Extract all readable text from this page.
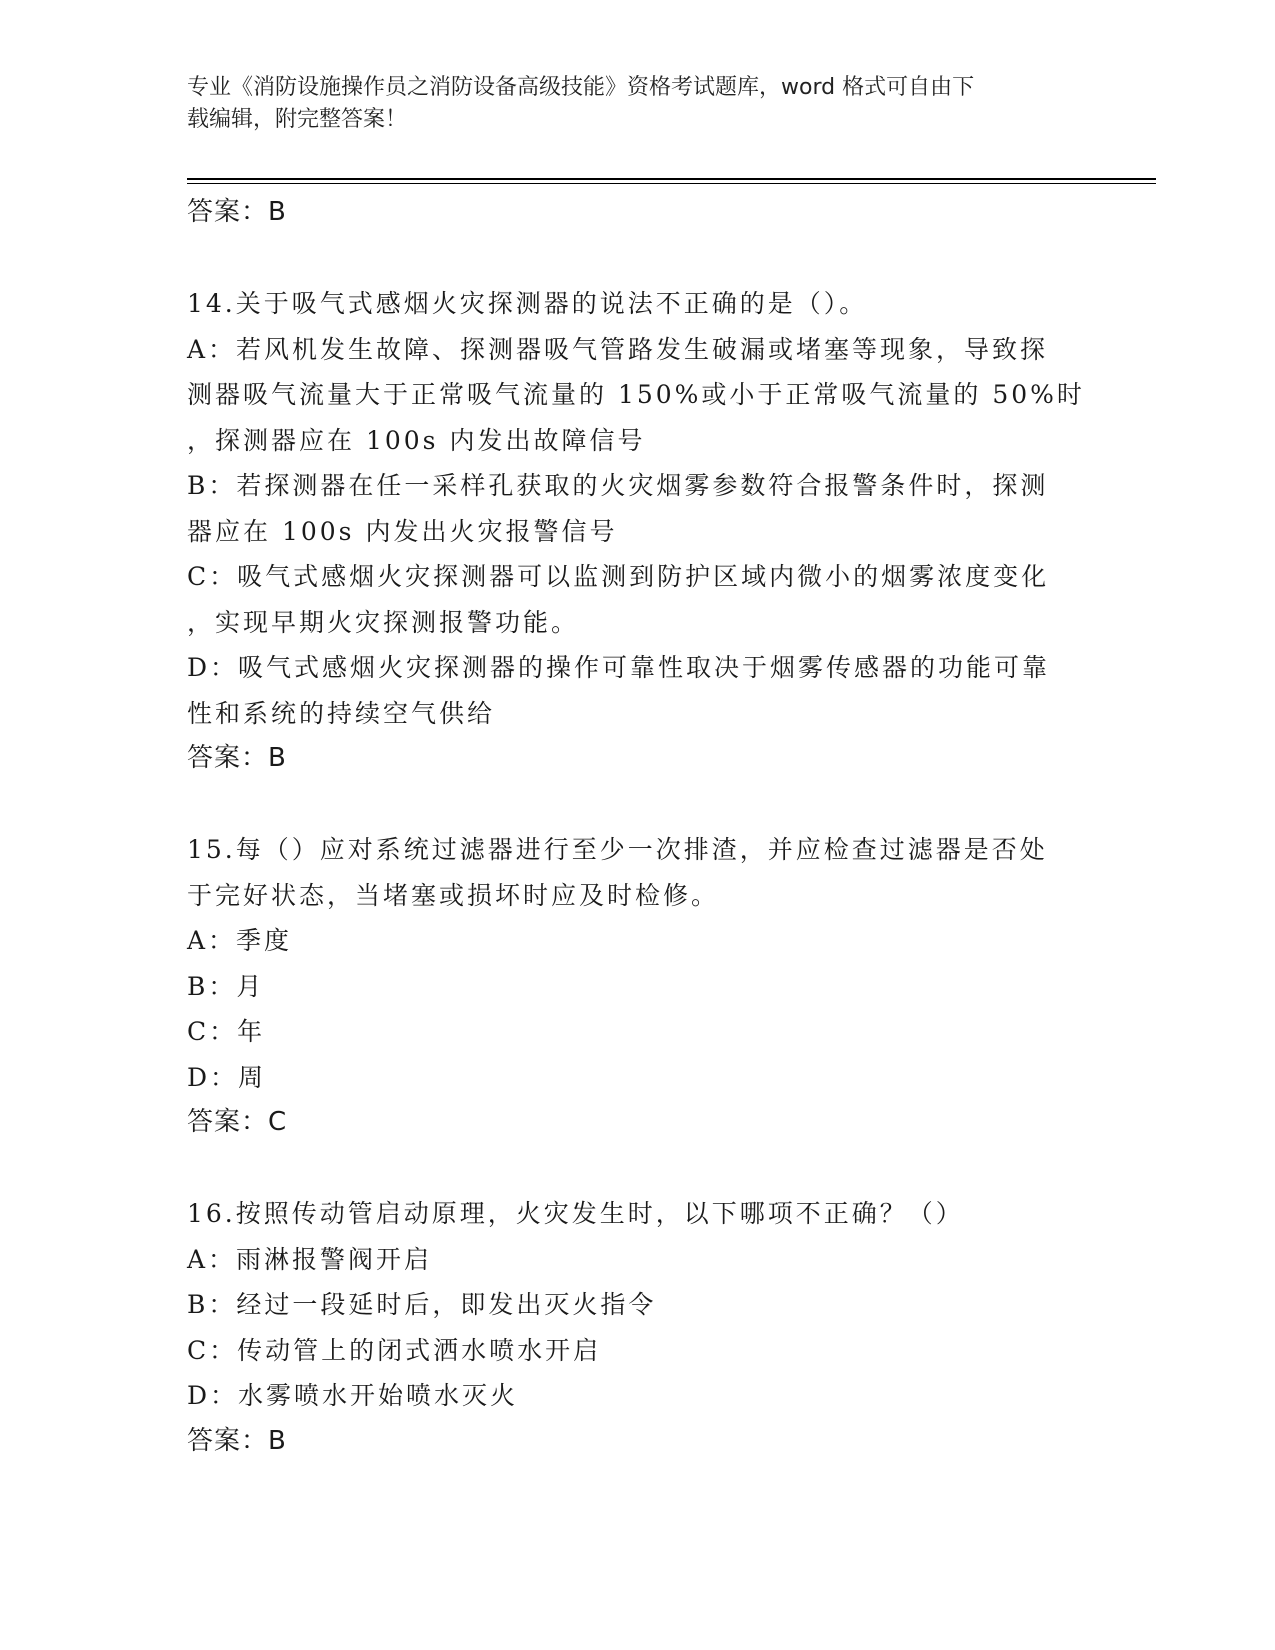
专业《消防设施操作员之消防设备高级技能》资格考试题库，word 格式可自由下
载编辑，附完整答案！
答案：B
14.关于吸气式感烟火灾探测器的说法不正确的是（）。
A：若风机发生故障、探测器吸气管路发生破漏或堵塞等现象，导致探
测器吸气流量大于正常吸气流量的 150%或小于正常吸气流量的 50%时
，探测器应在 100s 内发出故障信号
B：若探测器在任一采样孔获取的火灾烟雾参数符合报警条件时，探测
器应在 100s 内发出火灾报警信号
C：吸气式感烟火灾探测器可以监测到防护区域内微小的烟雾浓度变化
，实现早期火灾探测报警功能。
D：吸气式感烟火灾探测器的操作可靠性取决于烟雾传感器的功能可靠
性和系统的持续空气供给
答案：B
15.每（）应对系统过滤器进行至少一次排渣，并应检查过滤器是否处
于完好状态，当堵塞或损坏时应及时检修。
A：季度
B：月
C：年
D：周
答案：C
16.按照传动管启动原理，火灾发生时，以下哪项不正确？（）
A：雨淋报警阀开启
B：经过一段延时后，即发出灭火指令
C：传动管上的闭式洒水喷水开启
D：水雾喷水开始喷水灭火
答案：B
